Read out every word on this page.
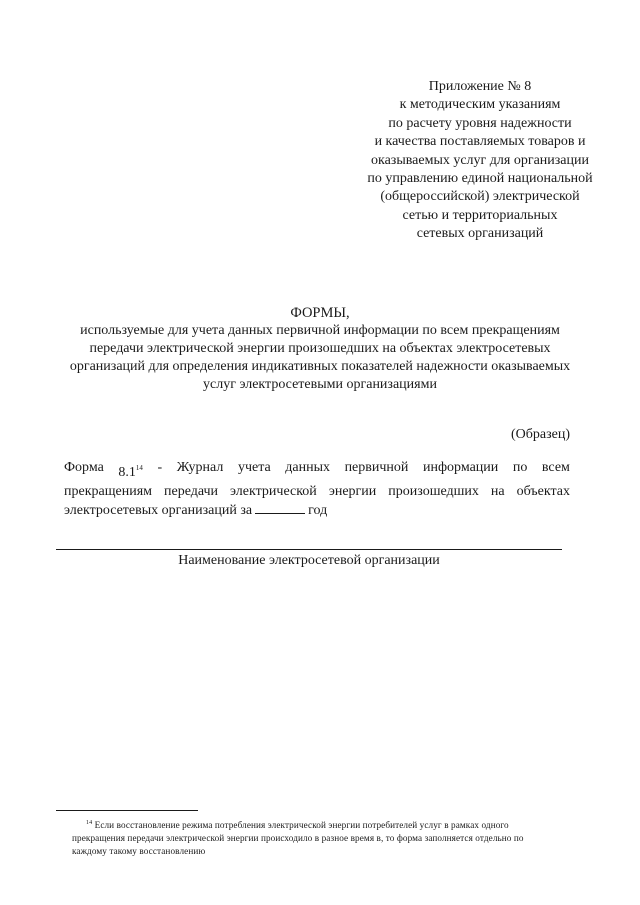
Приложение № 8
к методическим указаниям
по расчету уровня надежности
и качества поставляемых товаров и
оказываемых услуг для организации
по управлению единой национальной
(общероссийской) электрической
сетью и территориальных
сетевых организаций
ФОРМЫ,
используемые для учета данных первичной информации по всем прекращениям
передачи электрической энергии произошедших на объектах электросетевых
организаций для определения индикативных показателей надежности оказываемых
услуг электросетевыми организациями
(Образец)
Форма $8.1^{14}$ - Журнал учета данных первичной информации по всем
прекращениям передачи электрической энергии произошедших на объектах
электросетевых организаций за	год
Наименование электросетевой организации
$^{14}$ Если восстановление режима потребления электрической энергии потребителей услуг в рамках одного
прекращения передачи электрической энергии происходило в разное время в, то форма заполняется отдельно по
каждому такому восстановлению
